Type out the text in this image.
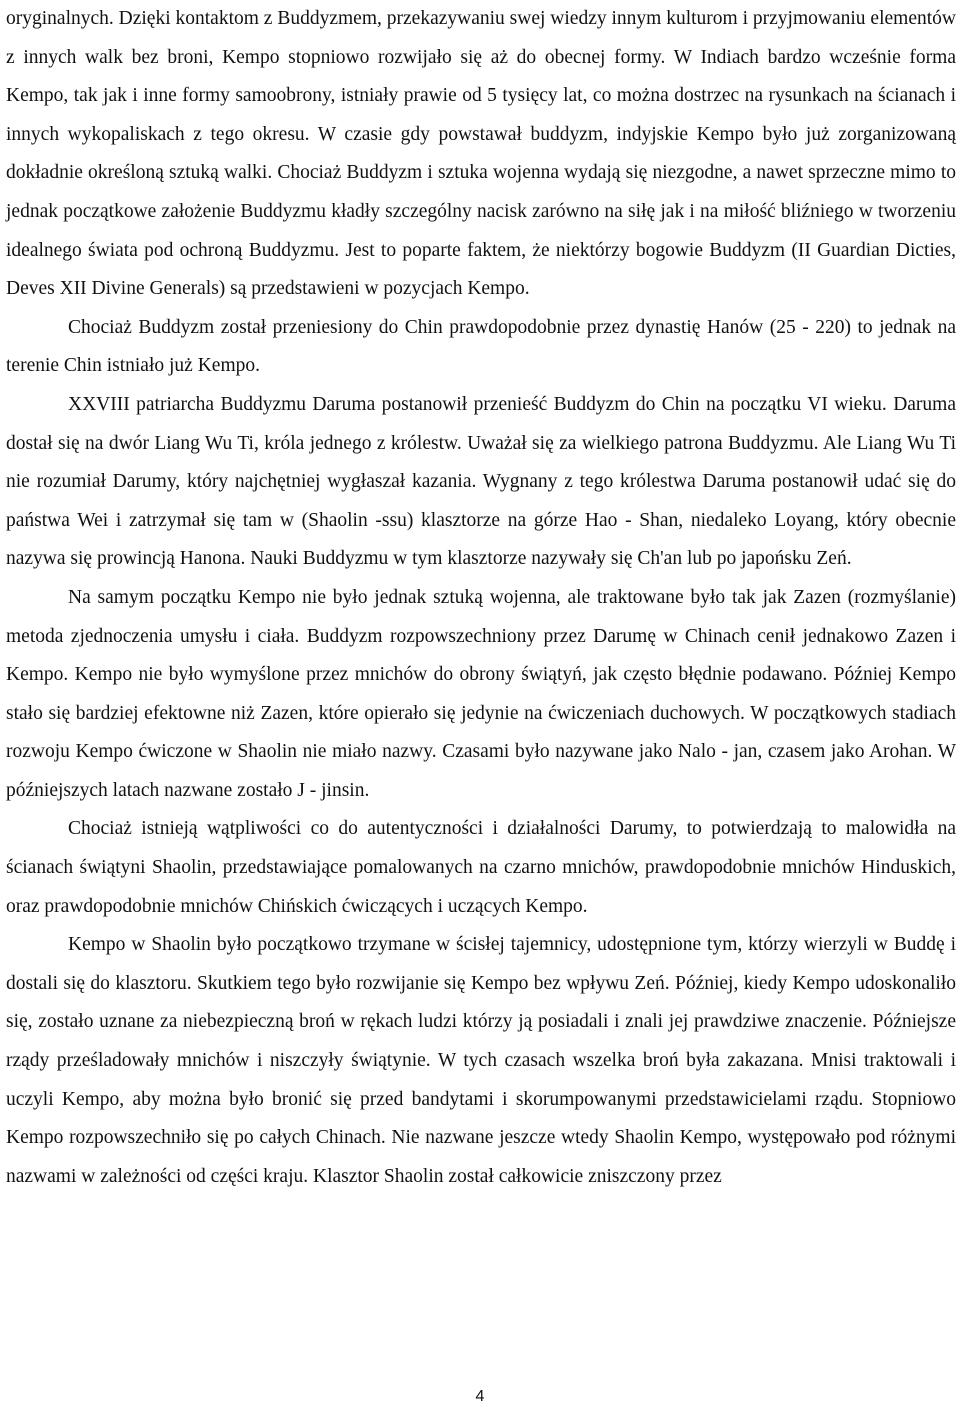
oryginalnych. Dzięki kontaktom z Buddyzmem, przekazywaniu swej wiedzy innym kulturom i przyjmowaniu elementów z innych walk bez broni, Kempo stopniowo rozwijało się aż do obecnej formy. W Indiach bardzo wcześnie forma Kempo, tak jak i inne formy samoobrony, istniały prawie od 5 tysięcy lat, co można dostrzec na rysunkach na ścianach i innych wykopaliskach z tego okresu. W czasie gdy powstawał buddyzm, indyjskie Kempo było już zorganizowaną dokładnie określoną sztuką walki. Chociaż Buddyzm i sztuka wojenna wydają się niezgodne, a nawet sprzeczne mimo to jednak początkowe założenie Buddyzmu kładły szczególny nacisk zarówno na siłę jak i na miłość bliźniego w tworzeniu idealnego świata pod ochroną Buddyzmu. Jest to poparte faktem, że niektórzy bogowie Buddyzm (II Guardian Dicties, Deves XII Divine Generals) są przedstawieni w pozycjach Kempo.

Chociaż Buddyzm został przeniesiony do Chin prawdopodobnie przez dynastię Hanów (25 - 220) to jednak na terenie Chin istniało już Kempo.

XXVIII patriarcha Buddyzmu Daruma postanowił przenieść Buddyzm do Chin na początku VI wieku. Daruma dostał się na dwór Liang Wu Ti, króla jednego z królestw. Uważał się za wielkiego patrona Buddyzmu. Ale Liang Wu Ti nie rozumiał Darumy, który najchętniej wygłaszał kazania. Wygnany z tego królestwa Daruma postanowił udać się do państwa Wei i zatrzymał się tam w (Shaolin -ssu) klasztorze na górze Hao - Shan, niedaleko Loyang, który obecnie nazywa się prowincją Hanona. Nauki Buddyzmu w tym klasztorze nazywały się Ch'an lub po japońsku Zeń.

Na samym początku Kempo nie było jednak sztuką wojenna, ale traktowane było tak jak Zazen (rozmyślanie) metoda zjednoczenia umysłu i ciała. Buddyzm rozpowszechniony przez Darumę w Chinach cenił jednakowo Zazen i Kempo. Kempo nie było wymyślone przez mnichów do obrony świątyń, jak często błędnie podawano. Później Kempo stało się bardziej efektowne niż Zazen, które opierało się jedynie na ćwiczeniach duchowych. W początkowych stadiach rozwoju Kempo ćwiczone w Shaolin nie miało nazwy. Czasami było nazywane jako Nalo - jan, czasem jako Arohan. W późniejszych latach nazwane zostało J - jinsin.

Chociaż istnieją wątpliwości co do autentyczności i działalności Darumy, to potwierdzają to malowidła na ścianach świątyni Shaolin, przedstawiające pomalowanych na czarno mnichów, prawdopodobnie mnichów Hinduskich, oraz prawdopodobnie mnichów Chińskich ćwiczących i uczących Kempo.

Kempo w Shaolin było początkowo trzymane w ścisłej tajemnicy, udostępnione tym, którzy wierzyli w Buddę i dostali się do klasztoru. Skutkiem tego było rozwijanie się Kempo bez wpływu Zeń. Później, kiedy Kempo udoskonaliło się, zostało uznane za niebezpieczną broń w rękach ludzi którzy ją posiadali i znali jej prawdziwe znaczenie. Późniejsze rządy prześladowały mnichów i niszczyły świątynie. W tych czasach wszelka broń była zakazana. Mnisi traktowali i uczyli Kempo, aby można było bronić się przed bandytami i skorumpowanymi przedstawicielami rządu. Stopniowo Kempo rozpowszechniło się po całych Chinach. Nie nazwane jeszcze wtedy Shaolin Kempo, występowało pod różnymi nazwami w zależności od części kraju. Klasztor Shaolin został całkowicie zniszczony przez

4
